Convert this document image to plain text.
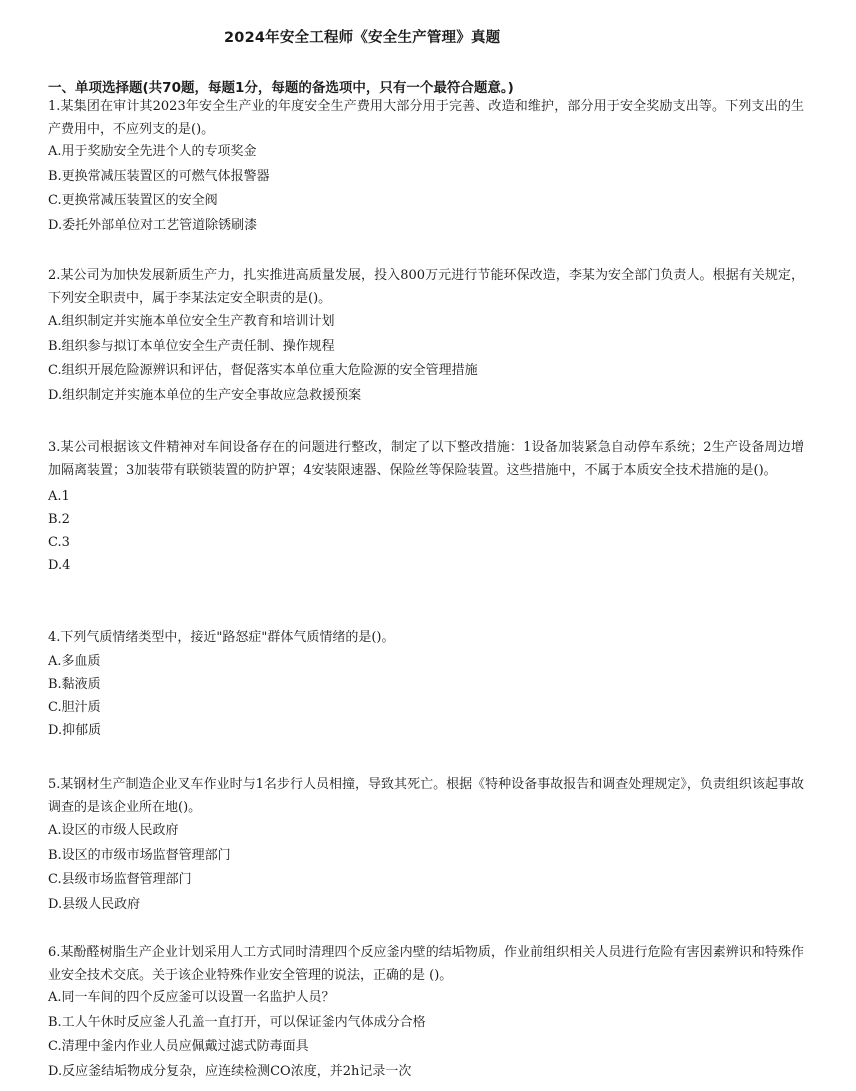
2024年安全工程师《安全生产管理》真题
一、单项选择题(共70题，每题1分，每题的备选项中，只有一个最符合题意。)

1.某集团在审计其2023年安全生产业的年度安全生产费用大部分用于完善、改造和维护，部分用于安全奖励支出等。下列支出的生产费用中，不应列支的是()。

A.用于奖励安全先进个人的专项奖金

B.更换常减压装置区的可燃气体报警器

C.更换常减压装置区的安全阀

D.委托外部单位对工艺管道除锈刷漆

2.某公司为加快发展新质生产力，扎实推进高质量发展，投入800万元进行节能环保改造，李某为安全部门负责人。根据有关规定，下列安全职责中，属于李某法定安全职责的是()。

A.组织制定并实施本单位安全生产教育和培训计划

B.组织参与拟订本单位安全生产责任制、操作规程

C.组织开展危险源辨识和评估，督促落实本单位重大危险源的安全管理措施

D.组织制定并实施本单位的生产安全事故应急救援预案

3.某公司根据该文件精神对车间设备存在的问题进行整改，制定了以下整改措施：1设备加装紧急自动停车系统；2生产设备周边增加隔离装置；3加装带有联锁装置的防护罩；4安装限速器、保险丝等保险装置。这些措施中，不属于本质安全技术措施的是()。

A.1

B.2

C.3

D.4

4.下列气质情绪类型中，接近"路怒症"群体气质情绪的是()。

A.多血质

B.黏液质

C.胆汁质

D.抑郁质

5.某钢材生产制造企业叉车作业时与1名步行人员相撞，导致其死亡。根据《特种设备事故报告和调查处理规定》，负责组织该起事故调查的是该企业所在地()。

A.设区的市级人民政府

B.设区的市级市场监督管理部门

C.县级市场监督管理部门

D.县级人民政府

6.某酚醛树脂生产企业计划采用人工方式同时清理四个反应釜内壁的结垢物质，作业前组织相关人员进行危险有害因素辨识和特殊作业安全技术交底。关于该企业特殊作业安全管理的说法，正确的是 ()。

A.同一车间的四个反应釜可以设置一名监护人员？

B.工人午休时反应釜人孔盖一直打开，可以保证釜内气体成分合格

C.清理中釜内作业人员应佩戴过滤式防毒面具

D.反应釜结垢物成分复杂，应连续检测CO浓度，并2h记录一次
